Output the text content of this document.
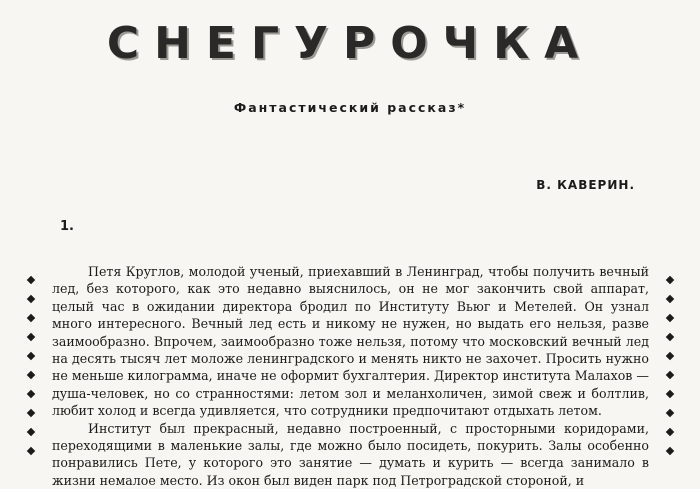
СНЕГУРОЧКА
Фантастический рассказ*
В. КАВЕРИН.
1.

Петя Круглов, молодой ученый, приехавший в Ленинград, чтобы получить вечный лед, без которого, как это недавно выяснилось, он не мог закончить свой аппарат, целый час в ожидании директора бродил по Институту Вьюг и Метелей. Он узнал много интересного. Вечный лед есть и никому не нужен, но выдать его нельзя, разве заимообразно. Впрочем, заимообразно тоже нельзя, потому что московский вечный лед на десять тысяч лет моложе ленинградского и менять никто не захочет. Просить нужно не меньше килограмма, иначе не оформит бухгалтерия. Директор института Малахов — душа-человек, но со странностями: летом зол и меланхоличен, зимой свеж и болтлив, любит холод и всегда удивляется, что сотрудники предпочитают отдыхать летом.

Институт был прекрасный, недавно построенный, с просторными коридорами, переходящими в маленькие залы, где можно было посидеть, покурить. Залы особенно понравились Пете, у которого это занятие — думать и курить — всегда занимало в жизни немалое место. Из окон был виден парк под Петроградской стороной, и
